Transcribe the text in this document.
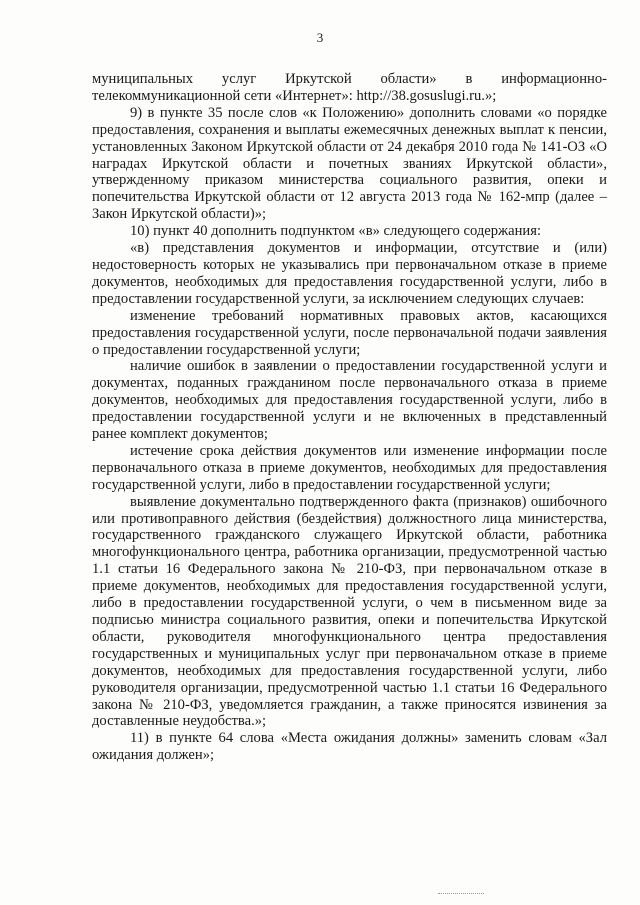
3

муниципальных услуг Иркутской области» в информационно-телекоммуникационной сети «Интернет»: http://38.gosuslugi.ru.»;

9) в пункте 35 после слов «к Положению» дополнить словами «о порядке предоставления, сохранения и выплаты ежемесячных денежных выплат к пенсии, установленных Законом Иркутской области от 24 декабря 2010 года № 141-ОЗ «О наградах Иркутской области и почетных званиях Иркутской области», утвержденному приказом министерства социального развития, опеки и попечительства Иркутской области от 12 августа 2013 года № 162-мпр (далее – Закон Иркутской области)»;

10) пункт 40 дополнить подпунктом «в» следующего содержания:

«в) представления документов и информации, отсутствие и (или) недостоверность которых не указывались при первоначальном отказе в приеме документов, необходимых для предоставления государственной услуги, либо в предоставлении государственной услуги, за исключением следующих случаев:

изменение требований нормативных правовых актов, касающихся предоставления государственной услуги, после первоначальной подачи заявления о предоставлении государственной услуги;

наличие ошибок в заявлении о предоставлении государственной услуги и документах, поданных гражданином после первоначального отказа в приеме документов, необходимых для предоставления государственной услуги, либо в предоставлении государственной услуги и не включенных в представленный ранее комплект документов;

истечение срока действия документов или изменение информации после первоначального отказа в приеме документов, необходимых для предоставления государственной услуги, либо в предоставлении государственной услуги;

выявление документально подтвержденного факта (признаков) ошибочного или противоправного действия (бездействия) должностного лица министерства, государственного гражданского служащего Иркутской области, работника многофункционального центра, работника организации, предусмотренной частью 1.1 статьи 16 Федерального закона № 210-ФЗ, при первоначальном отказе в приеме документов, необходимых для предоставления государственной услуги, либо в предоставлении государственной услуги, о чем в письменном виде за подписью министра социального развития, опеки и попечительства Иркутской области, руководителя многофункционального центра предоставления государственных и муниципальных услуг при первоначальном отказе в приеме документов, необходимых для предоставления государственной услуги, либо руководителя организации, предусмотренной частью 1.1 статьи 16 Федерального закона № 210-ФЗ, уведомляется гражданин, а также приносятся извинения за доставленные неудобства.»;

11) в пункте 64 слова «Места ожидания должны» заменить словам «Зал ожидания должен»;
